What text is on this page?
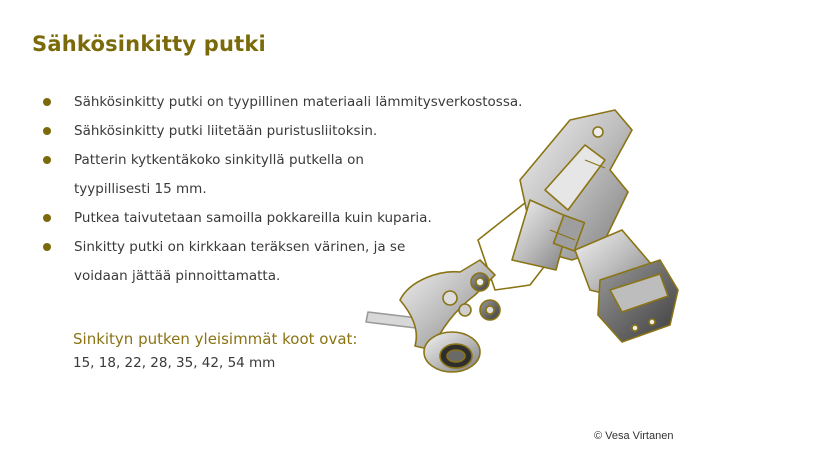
Sähkösinkitty putki
Sähkösinkitty putki on tyypillinen materiaali lämmitysverkostossa.
Sähkösinkitty putki liitetään puristusliitoksin.
Patterin kytkentäkoko sinkityllä putkella on
tyypillisesti 15 mm.
Putkea taivutetaan samoilla pokkareilla kuin kuparia.
Sinkitty putki on kirkkaan teräksen värinen, ja se
voidaan jättää pinnoittamatta.
Sinkityn putken yleisimmät koot ovat:
15, 18, 22, 28, 35, 42, 54 mm
© Vesa Virtanen
